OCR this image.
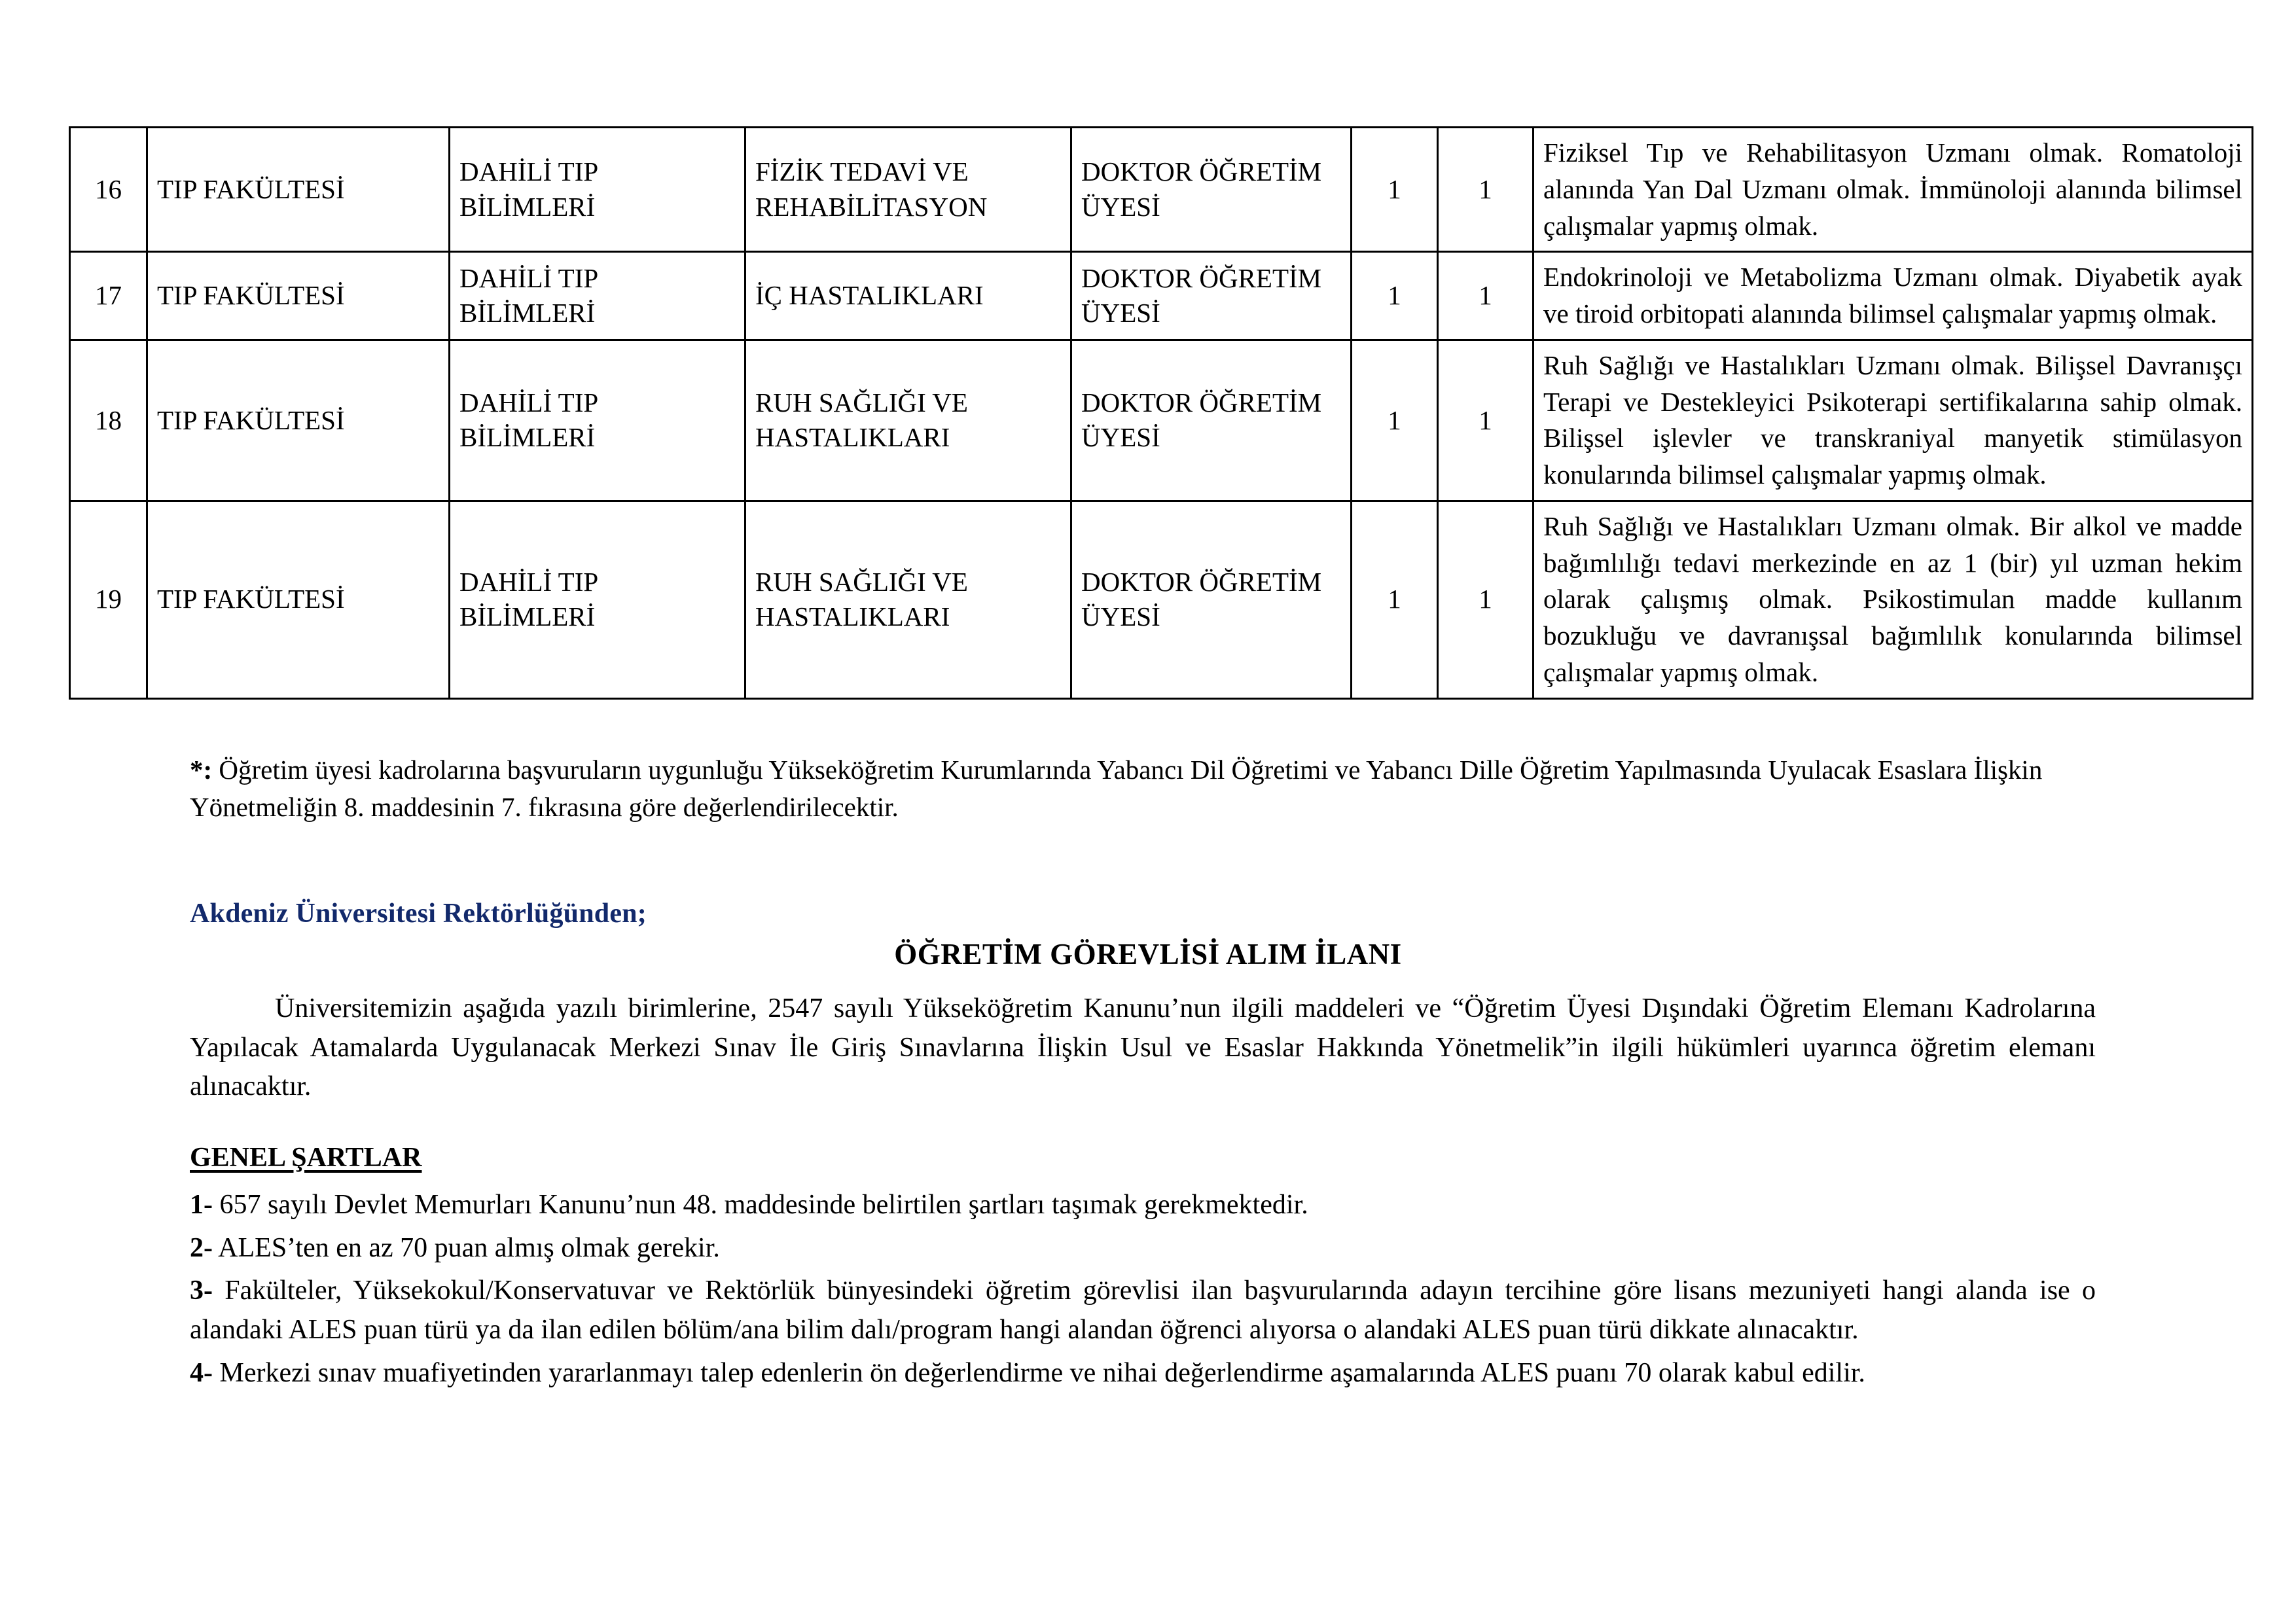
16	TIP FAKÜLTESİ	DAHİLİ TIP BİLİMLERİ	FİZİK TEDAVİ VE REHABİLİTASYON	DOKTOR ÖĞRETİM ÜYESİ	1	1	Fiziksel Tıp ve Rehabilitasyon Uzmanı olmak. Romatoloji alanında Yan Dal Uzmanı olmak. İmmünoloji alanında bilimsel çalışmalar yapmış olmak.
17	TIP FAKÜLTESİ	DAHİLİ TIP BİLİMLERİ	İÇ HASTALIKLARI	DOKTOR ÖĞRETİM ÜYESİ	1	1	Endokrinoloji ve Metabolizma Uzmanı olmak. Diyabetik ayak ve tiroid orbitopati alanında bilimsel çalışmalar yapmış olmak.
18	TIP FAKÜLTESİ	DAHİLİ TIP BİLİMLERİ	RUH SAĞLIĞI VE HASTALIKLARI	DOKTOR ÖĞRETİM ÜYESİ	1	1	Ruh Sağlığı ve Hastalıkları Uzmanı olmak. Bilişsel Davranışçı Terapi ve Destekleyici Psikoterapi sertifikalarına sahip olmak. Bilişsel işlevler ve transkraniyal manyetik stimülasyon konularında bilimsel çalışmalar yapmış olmak.
19	TIP FAKÜLTESİ	DAHİLİ TIP BİLİMLERİ	RUH SAĞLIĞI VE HASTALIKLARI	DOKTOR ÖĞRETİM ÜYESİ	1	1	Ruh Sağlığı ve Hastalıkları Uzmanı olmak. Bir alkol ve madde bağımlılığı tedavi merkezinde en az 1 (bir) yıl uzman hekim olarak çalışmış olmak. Psikostimulan madde kullanım bozukluğu ve davranışsal bağımlılık konularında bilimsel çalışmalar yapmış olmak.
*: Öğretim üyesi kadrolarına başvuruların uygunluğu Yükseköğretim Kurumlarında Yabancı Dil Öğretimi ve Yabancı Dille Öğretim Yapılmasında Uyulacak Esaslara İlişkin Yönetmeliğin 8. maddesinin 7. fıkrasına göre değerlendirilecektir.
Akdeniz Üniversitesi Rektörlüğünden;
ÖĞRETİM GÖREVLİSİ ALIM İLANI
Üniversitemizin aşağıda yazılı birimlerine, 2547 sayılı Yükseköğretim Kanunu’nun ilgili maddeleri ve “Öğretim Üyesi Dışındaki Öğretim Elemanı Kadrolarına Yapılacak Atamalarda Uygulanacak Merkezi Sınav İle Giriş Sınavlarına İlişkin Usul ve Esaslar Hakkında Yönetmelik”in ilgili hükümleri uyarınca öğretim elemanı alınacaktır.
GENEL ŞARTLAR

1- 657 sayılı Devlet Memurları Kanunu’nun 48. maddesinde belirtilen şartları taşımak gerekmektedir.

2- ALES’ten en az 70 puan almış olmak gerekir.

3- Fakülteler, Yüksekokul/Konservatuvar ve Rektörlük bünyesindeki öğretim görevlisi ilan başvurularında adayın tercihine göre lisans mezuniyeti hangi alanda ise o alandaki ALES puan türü ya da ilan edilen bölüm/ana bilim dalı/program hangi alandan öğrenci alıyorsa o alandaki ALES puan türü dikkate alınacaktır.

4- Merkezi sınav muafiyetinden yararlanmayı talep edenlerin ön değerlendirme ve nihai değerlendirme aşamalarında ALES puanı 70 olarak kabul edilir.
